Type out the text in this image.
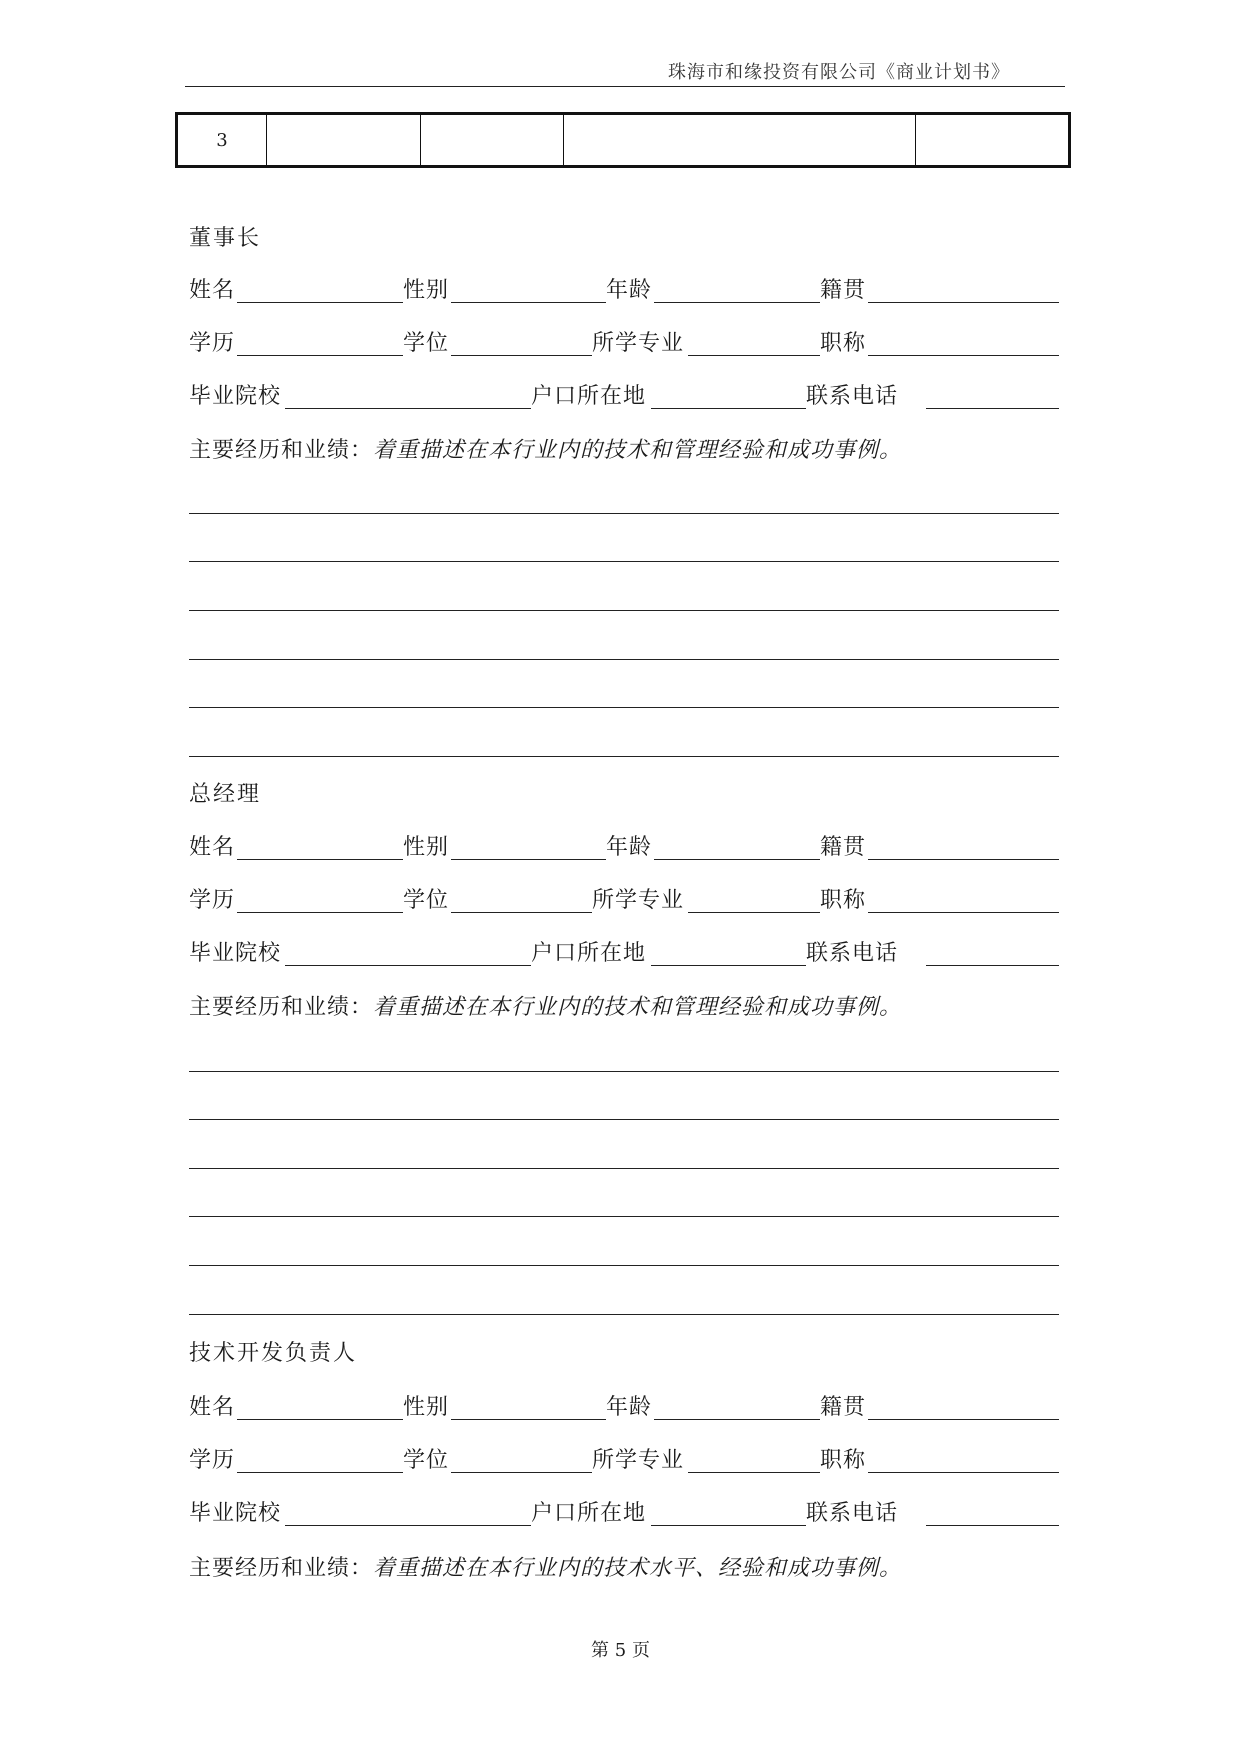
珠海市和缘投资有限公司《商业计划书》
3				
董事长
姓名	性别	年龄	籍贯
学历	学位	所学专业	职称
毕业院校	户口所在地	联系电话
主要经历和业绩：着重描述在本行业内的技术和管理经验和成功事例。
总经理
姓名	性别	年龄	籍贯
学历	学位	所学专业	职称
毕业院校	户口所在地	联系电话
主要经历和业绩：着重描述在本行业内的技术和管理经验和成功事例。
技术开发负责人
姓名	性别	年龄	籍贯
学历	学位	所学专业	职称
毕业院校	户口所在地	联系电话
主要经历和业绩：着重描述在本行业内的技术水平、经验和成功事例。
第 5 页
